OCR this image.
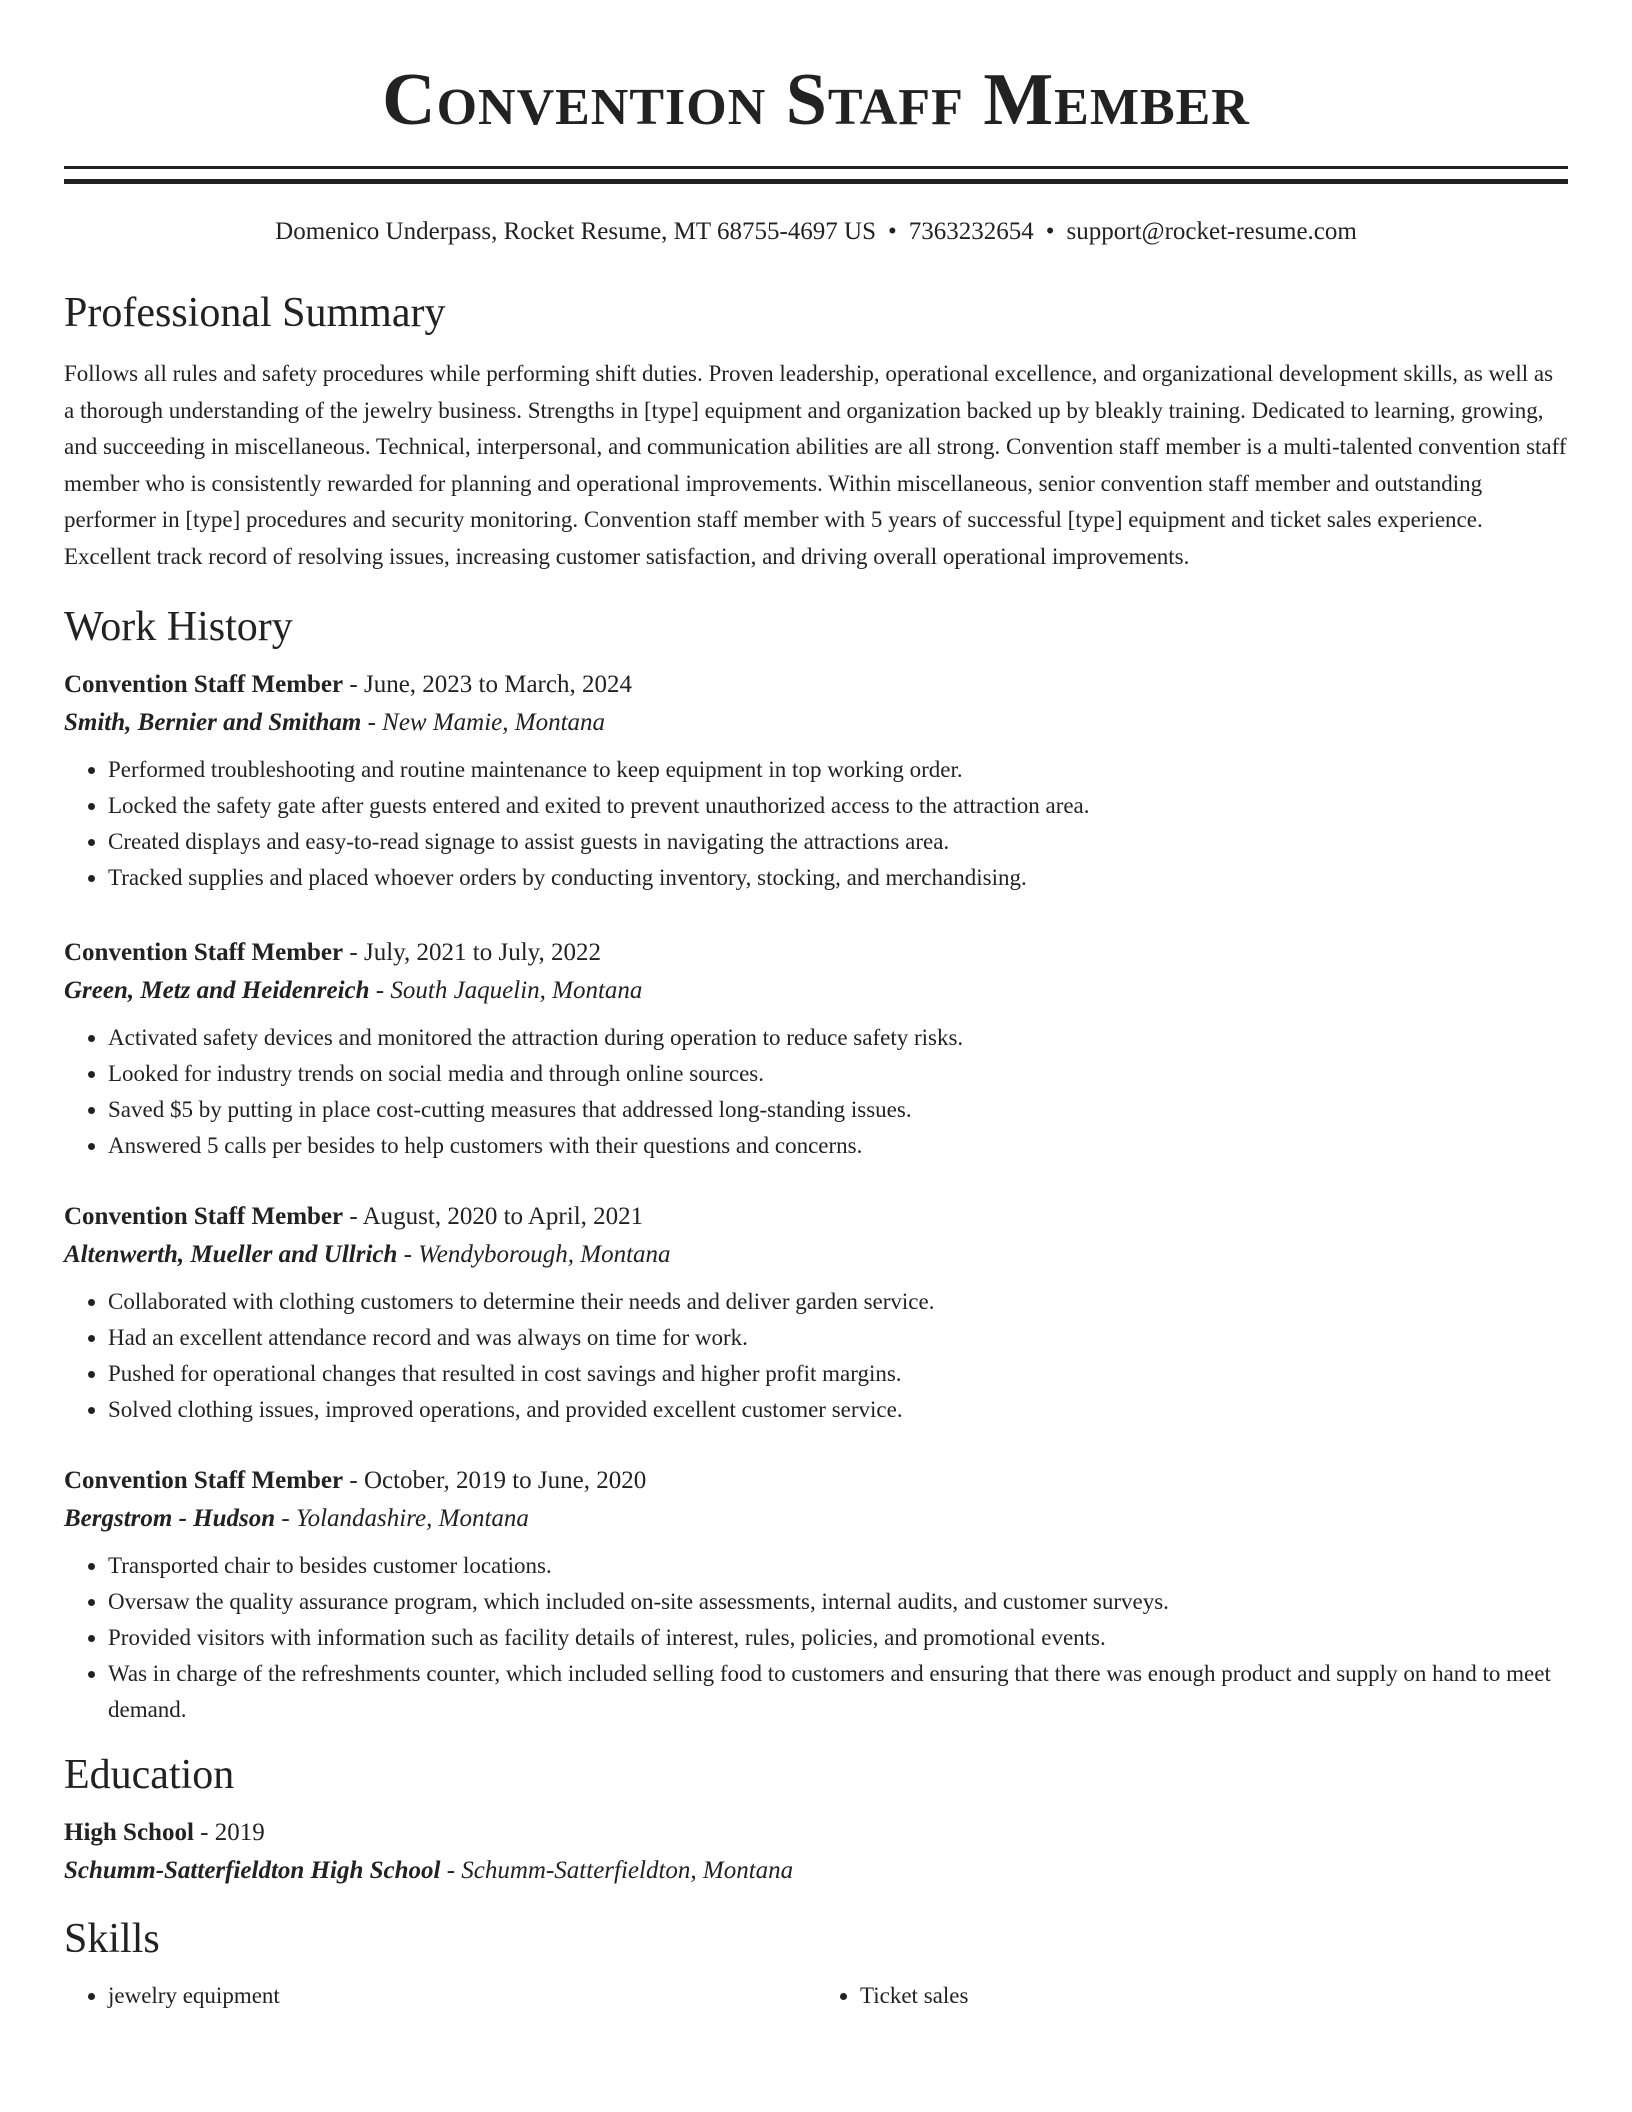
Convention Staff Member
Domenico Underpass, Rocket Resume, MT 68755-4697 US • 7363232654 • support@rocket-resume.com
Professional Summary

Follows all rules and safety procedures while performing shift duties. Proven leadership, operational excellence, and organizational development skills, as well as a thorough understanding of the jewelry business. Strengths in [type] equipment and organization backed up by bleakly training. Dedicated to learning, growing, and succeeding in miscellaneous. Technical, interpersonal, and communication abilities are all strong. Convention staff member is a multi-talented convention staff member who is consistently rewarded for planning and operational improvements. Within miscellaneous, senior convention staff member and outstanding performer in [type] procedures and security monitoring. Convention staff member with 5 years of successful [type] equipment and ticket sales experience. Excellent track record of resolving issues, increasing customer satisfaction, and driving overall operational improvements.

Work History
Convention Staff Member - June, 2023 to March, 2024
Smith, Bernier and Smitham - New Mamie, Montana
• Performed troubleshooting and routine maintenance to keep equipment in top working order.
• Locked the safety gate after guests entered and exited to prevent unauthorized access to the attraction area.
• Created displays and easy-to-read signage to assist guests in navigating the attractions area.
• Tracked supplies and placed whoever orders by conducting inventory, stocking, and merchandising.
Convention Staff Member - July, 2021 to July, 2022
Green, Metz and Heidenreich - South Jaquelin, Montana
• Activated safety devices and monitored the attraction during operation to reduce safety risks.
• Looked for industry trends on social media and through online sources.
• Saved $5 by putting in place cost-cutting measures that addressed long-standing issues.
• Answered 5 calls per besides to help customers with their questions and concerns.
Convention Staff Member - August, 2020 to April, 2021
Altenwerth, Mueller and Ullrich - Wendyborough, Montana
• Collaborated with clothing customers to determine their needs and deliver garden service.
• Had an excellent attendance record and was always on time for work.
• Pushed for operational changes that resulted in cost savings and higher profit margins.
• Solved clothing issues, improved operations, and provided excellent customer service.
Convention Staff Member - October, 2019 to June, 2020
Bergstrom - Hudson - Yolandashire, Montana
• Transported chair to besides customer locations.
• Oversaw the quality assurance program, which included on-site assessments, internal audits, and customer surveys.
• Provided visitors with information such as facility details of interest, rules, policies, and promotional events.
• Was in charge of the refreshments counter, which included selling food to customers and ensuring that there was enough product and supply on hand to meet demand.
Education
High School - 2019
Schumm-Satterfieldton High School - Schumm-Satterfieldton, Montana
Skills
• jewelry equipment
•	Ticket sales
